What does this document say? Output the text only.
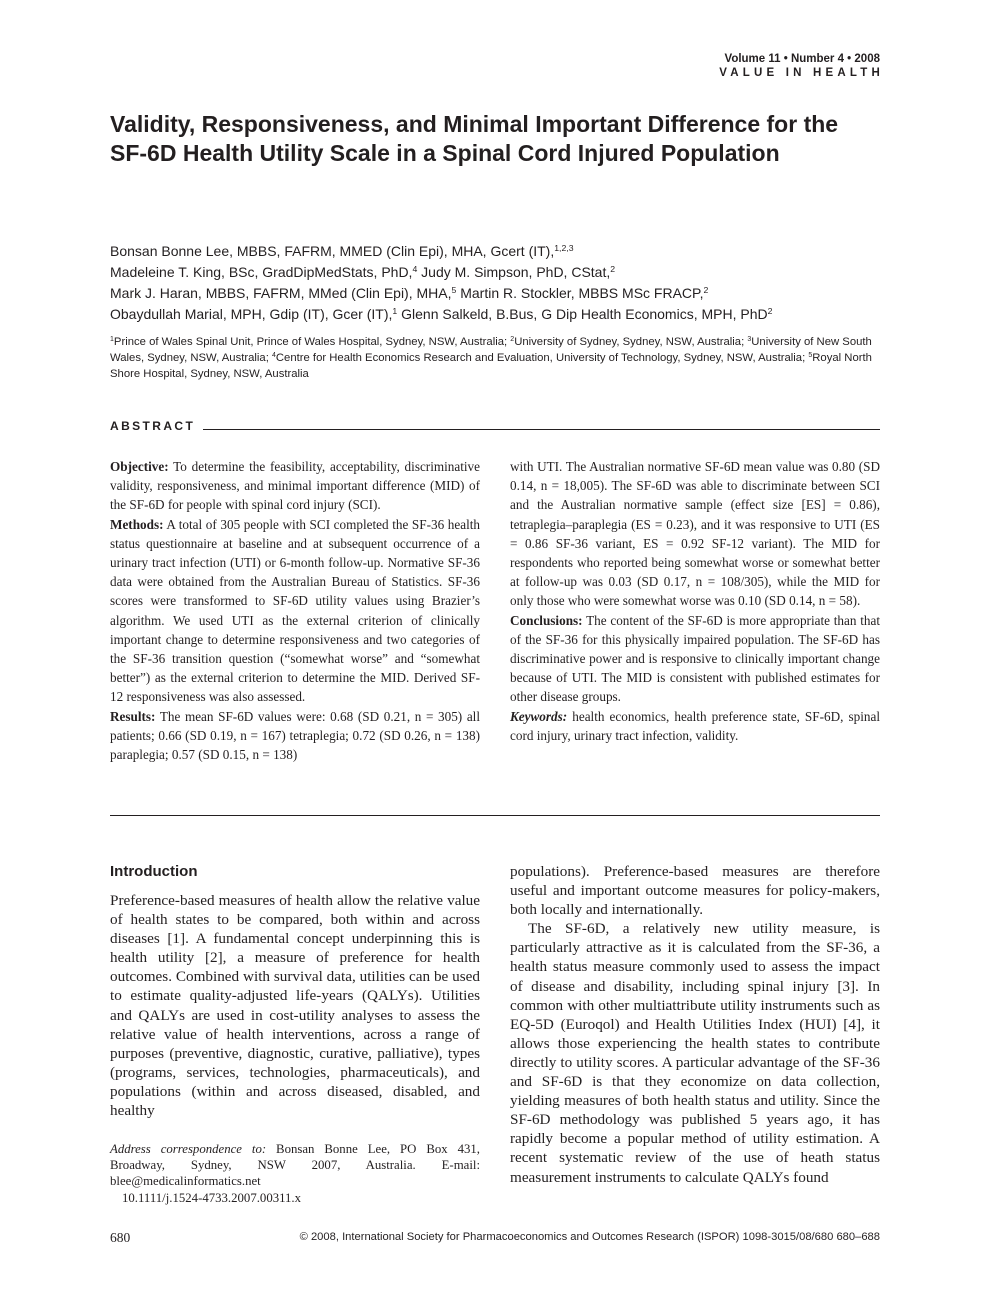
Volume 11 • Number 4 • 2008
VALUE IN HEALTH
Validity, Responsiveness, and Minimal Important Difference for the SF-6D Health Utility Scale in a Spinal Cord Injured Population
Bonsan Bonne Lee, MBBS, FAFRM, MMED (Clin Epi), MHA, Gcert (IT),$^{1,2,3}$
Madeleine T. King, BSc, GradDipMedStats, PhD,$^4$ Judy M. Simpson, PhD, CStat,$^2$
Mark J. Haran, MBBS, FAFRM, MMed (Clin Epi), MHA,$^5$ Martin R. Stockler, MBBS MSc FRACP,$^2$
Obaydullah Marial, MPH, Gdip (IT), Gcer (IT),$^1$ Glenn Salkeld, B.Bus, G Dip Health Economics, MPH, PhD$^2$
$^1$Prince of Wales Spinal Unit, Prince of Wales Hospital, Sydney, NSW, Australia; $^2$University of Sydney, Sydney, NSW, Australia; $^3$University of New South Wales, Sydney, NSW, Australia; $^4$Centre for Health Economics Research and Evaluation, University of Technology, Sydney, NSW, Australia; $^5$Royal North Shore Hospital, Sydney, NSW, Australia
ABSTRACT

Objective: To determine the feasibility, acceptability, discriminative validity, responsiveness, and minimal important difference (MID) of the SF-6D for people with spinal cord injury (SCI).

Methods: A total of 305 people with SCI completed the SF-36 health status questionnaire at baseline and at subsequent occurrence of a urinary tract infection (UTI) or 6-month follow-up. Normative SF-36 data were obtained from the Australian Bureau of Statistics. SF-36 scores were transformed to SF-6D utility values using Brazier’s algorithm. We used UTI as the external criterion of clinically important change to determine responsiveness and two categories of the SF-36 transition question (“somewhat worse” and “somewhat better”) as the external criterion to determine the MID. Derived SF-12 responsiveness was also assessed.

Results: The mean SF-6D values were: 0.68 (SD 0.21, n = 305) all patients; 0.66 (SD 0.19, n = 167) tetraplegia; 0.72 (SD 0.26, n = 138) paraplegia; 0.57 (SD 0.15, n = 138)

with UTI. The Australian normative SF-6D mean value was 0.80 (SD 0.14, n = 18,005). The SF-6D was able to discriminate between SCI and the Australian normative sample (effect size [ES] = 0.86), tetraplegia–paraplegia (ES = 0.23), and it was responsive to UTI (ES = 0.86 SF-36 variant, ES = 0.92 SF-12 variant). The MID for respondents who reported being somewhat worse or somewhat better at follow-up was 0.03 (SD 0.17, n = 108/305), while the MID for only those who were somewhat worse was 0.10 (SD 0.14, n = 58).

Conclusions: The content of the SF-6D is more appropriate than that of the SF-36 for this physically impaired population. The SF-6D has discriminative power and is responsive to clinically important change because of UTI. The MID is consistent with published estimates for other disease groups.

Keywords: health economics, health preference state, SF-6D, spinal cord injury, urinary tract infection, validity.

Introduction

Preference-based measures of health allow the relative value of health states to be compared, both within and across diseases [1]. A fundamental concept underpinning this is health utility [2], a measure of preference for health outcomes. Combined with survival data, utilities can be used to estimate quality-adjusted life-years (QALYs). Utilities and QALYs are used in cost-utility analyses to assess the relative value of health interventions, across a range of purposes (preventive, diagnostic, curative, palliative), types (programs, services, technologies, pharmaceuticals), and populations (within and across diseased, disabled, and healthy

populations). Preference-based measures are therefore useful and important outcome measures for policy-makers, both locally and internationally.

The SF-6D, a relatively new utility measure, is particularly attractive as it is calculated from the SF-36, a health status measure commonly used to assess the impact of disease and disability, including spinal injury [3]. In common with other multiattribute utility instruments such as EQ-5D (Euroqol) and Health Utilities Index (HUI) [4], it allows those experiencing the health states to contribute directly to utility scores. A particular advantage of the SF-36 and SF-6D is that they economize on data collection, yielding measures of both health status and utility. Since the SF-6D methodology was published 5 years ago, it has rapidly become a popular method of utility estimation. A recent systematic review of the use of heath status measurement instruments to calculate QALYs found

Address correspondence to: Bonsan Bonne Lee, PO Box 431, Broadway, Sydney, NSW 2007, Australia. E-mail: blee@medicalinformatics.net

10.1111/j.1524-4733.2007.00311.x

680	© 2008, International Society for Pharmacoeconomics and Outcomes Research (ISPOR) 1098-3015/08/680 680–688
